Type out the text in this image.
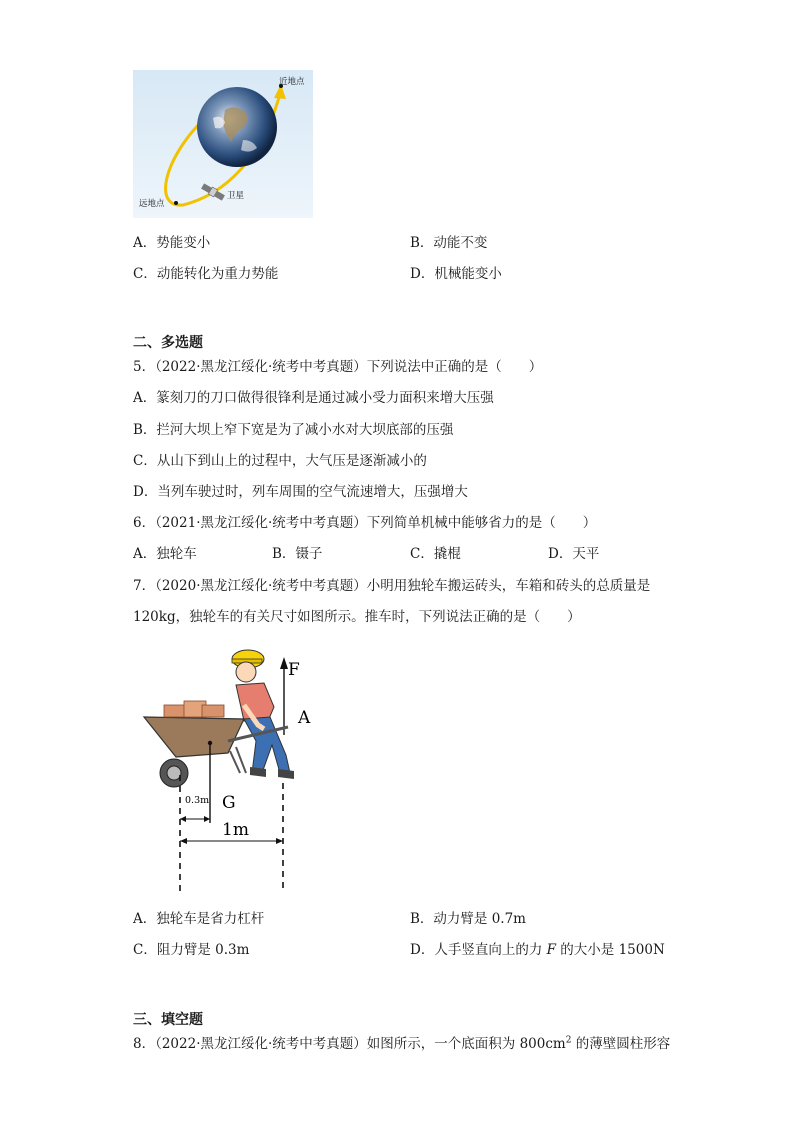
近地点
远地点
卫星
A．势能变小	B．动能不变
C．动能转化为重力势能	D．机械能变小
二、多选题
5．（2022·黑龙江绥化·统考中考真题）下列说法中正确的是（　　）
A．篆刻刀的刀口做得很锋利是通过减小受力面积来增大压强
B．拦河大坝上窄下宽是为了减小水对大坝底部的压强
C．从山下到山上的过程中，大气压是逐渐减小的
D．当列车驶过时，列车周围的空气流速增大，压强增大
6．（2021·黑龙江绥化·统考中考真题）下列简单机械中能够省力的是（　　）
A．独轮车	B．镊子	C．撬棍	D．天平
7．（2020·黑龙江绥化·统考中考真题）小明用独轮车搬运砖头，车箱和砖头的总质量是
120kg，独轮车的有关尺寸如图所示。推车时，下列说法正确的是（　　）
F
A
G
0.3m
1m
A．独轮车是省力杠杆	B．动力臂是 0.7m
C．阻力臂是 0.3m	D．人手竖直向上的力 F 的大小是 1500N
三、填空题
8．（2022·黑龙江绥化·统考中考真题）如图所示，一个底面积为 $800cm^2$ 的薄壁圆柱形容
